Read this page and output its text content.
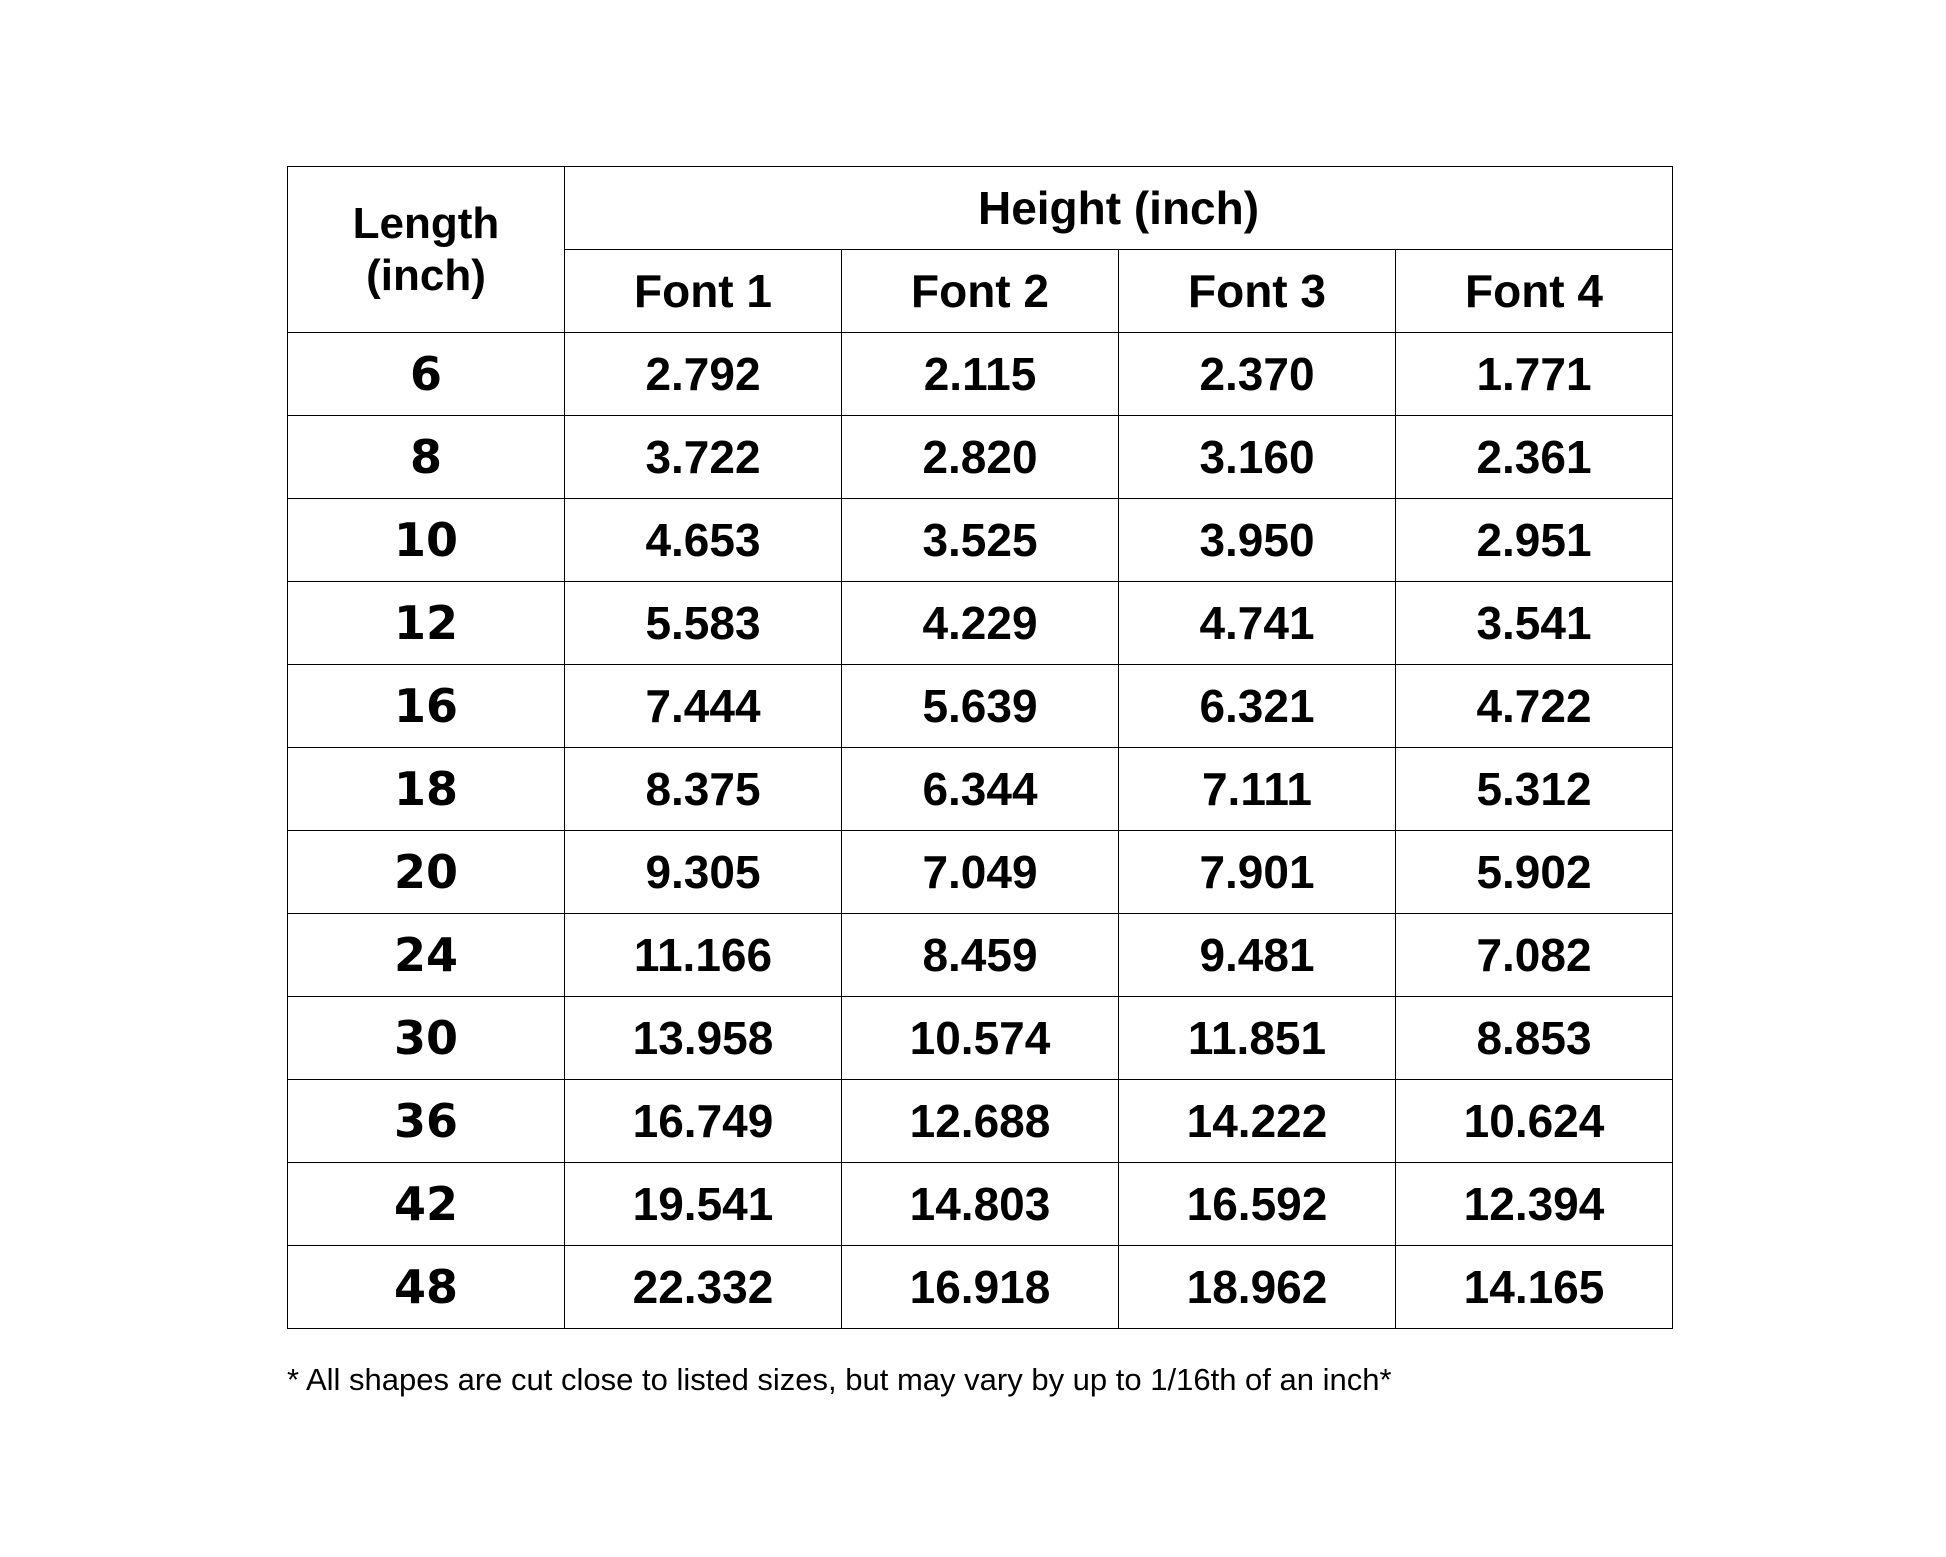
Length
(inch)	Height (inch)			
	Font 1	Font 2	Font 3	Font 4
6	2.792	2.115	2.370	1.771
8	3.722	2.820	3.160	2.361
10	4.653	3.525	3.950	2.951
12	5.583	4.229	4.741	3.541
16	7.444	5.639	6.321	4.722
18	8.375	6.344	7.111	5.312
20	9.305	7.049	7.901	5.902
24	11.166	8.459	9.481	7.082
30	13.958	10.574	11.851	8.853
36	16.749	12.688	14.222	10.624
42	19.541	14.803	16.592	12.394
48	22.332	16.918	18.962	14.165
* All shapes are cut close to listed sizes, but may vary by up to 1/16th of an inch*
